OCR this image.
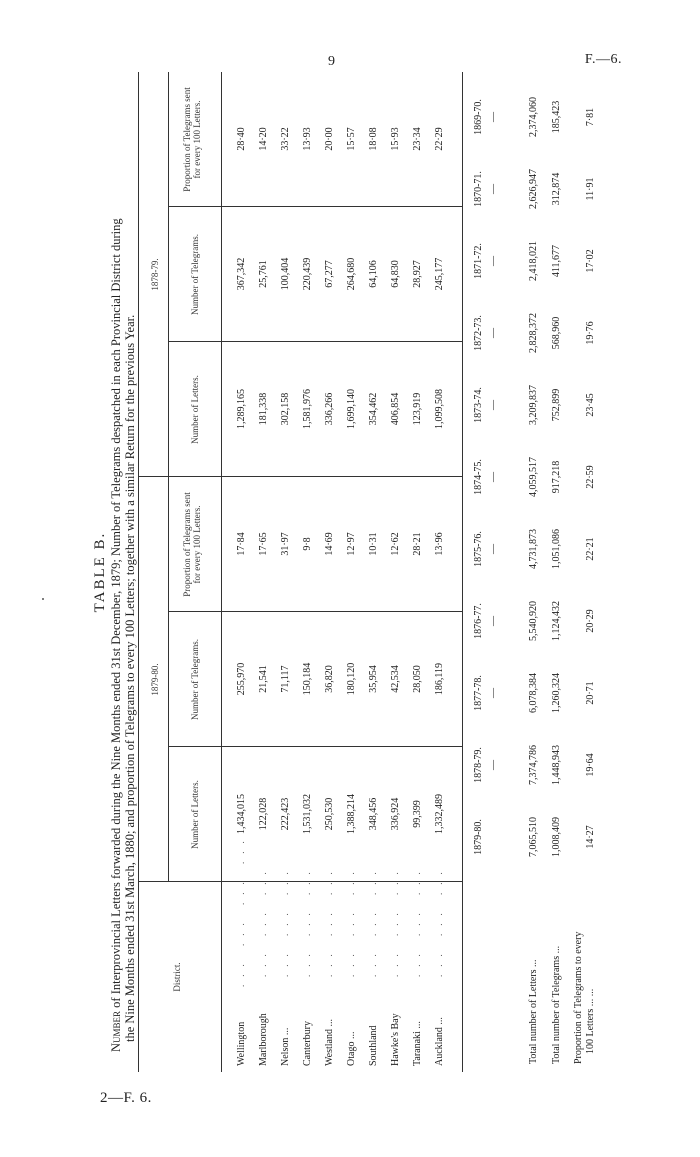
9	F.—6.
2—F. 6.
TABLE B.
Number of Interprovincial Letters forwarded during the Nine Months ended 31st December, 1879; Number of Telegrams despatched in each Provincial District during
the Nine Months ended 31st March, 1880; and proportion of Telegrams to every 100 Letters; together with a similar Return for the previous Year.	District.
1879-80.
1878-79.
Number of Letters.
Number of Telegrams.
Proportion of Telegrams sent for every 100 Letters.
Number of Letters.
Number of Telegrams.
Proportion of Telegrams sent for every 100 Letters.
Wellington
... ... ... ...
1,434,015
255,970
17·84
1,289,165
367,342
28·40
Marlborough
... ... ...
122,028
21,541
17·65
181,338
25,761
14·20
Nelson ...
... ... ...
222,423
71,117
31·97
302,158
100,404
33·22
Canterbury
... ... ...
1,531,032
150,184
9·8
1,581,976
220,439
13·93
Westland ...
... ... ...
250,530
36,820
14·69
336,266
67,277
20·00
Otago ...
... ... ...
1,388,214
180,120
12·97
1,699,140
264,680
15·57
Southland
... ... ...
348,456
35,954
10·31
354,462
64,106
18·08
Hawke's Bay
... ... ...
336,924
42,534
12·62
406,854
64,830
15·93
Taranaki ...
... ... ...
99,399
28,050
28·21
123,919
28,927
23·34
Auckland ...
... ... ...
1,332,489
186,119
13·96
1,099,508
245,177
22·29
1879-80.
1878-79. —
1877-78. —
1876-77. —
1875-76. —
1874-75. —
1873-74. —
1872-73. —
1871-72. —
1870-71. —
1869-70. —
Total number of Letters ... Total number of Telegrams ... Proportion of Telegrams to every 100 Letters ... ...
7,065,510 1,008,409 14·27
7,374,786 1,448,943 19·64
6,078,384 1,260,324 20·71
5,540,920 1,124,432 20·29
4,731,873 1,051,086 22·21
4,059,517 917,218 22·59
3,209,837 752,899 23·45
2,828,372 568,960 19·76
2,418,021 411,677 17·02
2,626,947 312,874 11·91
2,374,060 185,423 7·81
